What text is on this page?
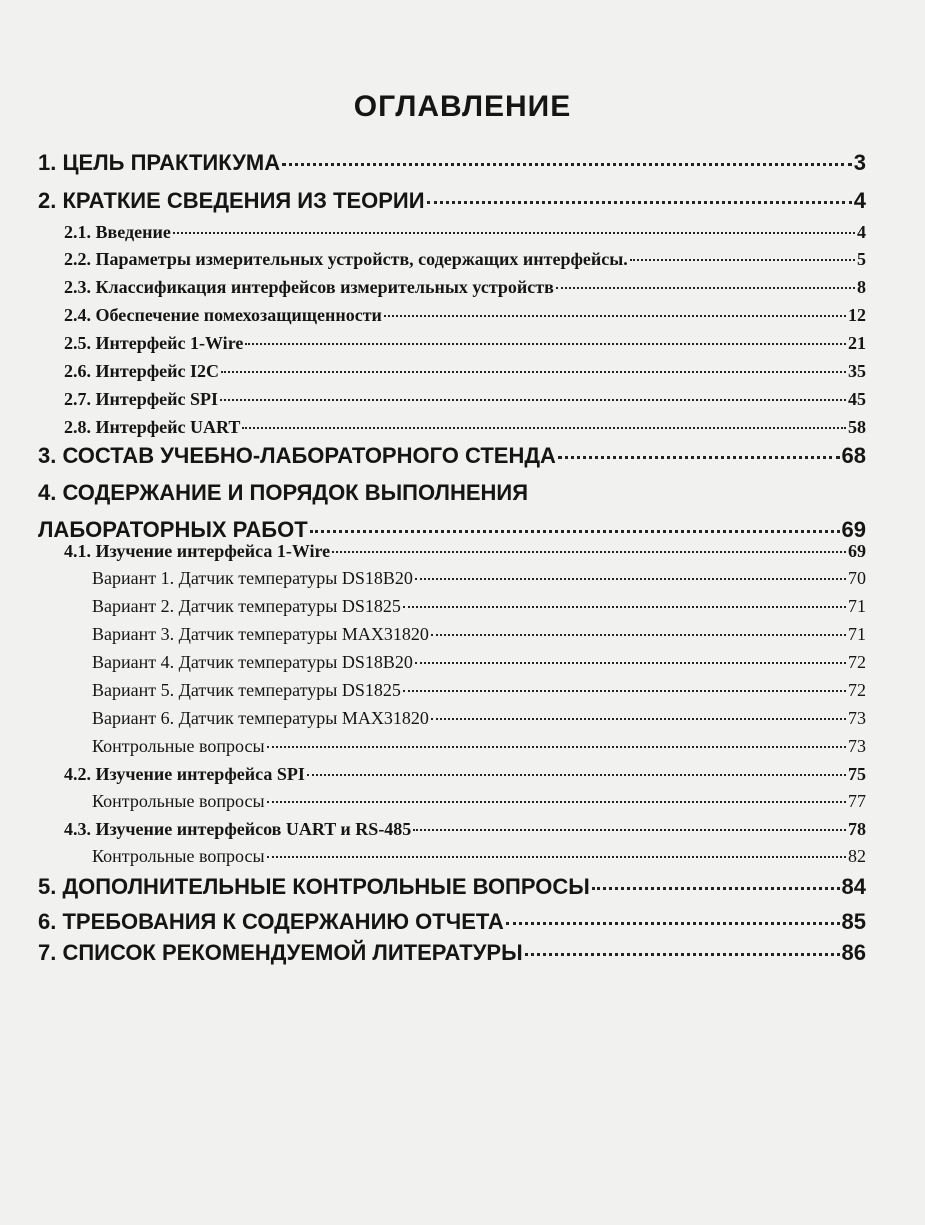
ОГЛАВЛЕНИЕ
1. ЦЕЛЬ ПРАКТИКУМА	3
2. КРАТКИЕ СВЕДЕНИЯ ИЗ ТЕОРИИ	4
2.1. Введение	4
2.2. Параметры измерительных устройств, содержащих интерфейсы.	5
2.3. Классификация интерфейсов измерительных устройств	8
2.4. Обеспечение помехозащищенности	12
2.5. Интерфейс 1-Wire	21
2.6. Интерфейс I2C	35
2.7. Интерфейс SPI	45
2.8. Интерфейс UART	58
3. СОСТАВ УЧЕБНО-ЛАБОРАТОРНОГО СТЕНДА	68
4. СОДЕРЖАНИЕ И ПОРЯДОК ВЫПОЛНЕНИЯ
ЛАБОРАТОРНЫХ РАБОТ	69
4.1. Изучение интерфейса 1-Wire	69
Вариант 1. Датчик температуры DS18B20	70
Вариант 2. Датчик температуры DS1825	71
Вариант 3. Датчик температуры MAX31820	71
Вариант 4. Датчик температуры DS18B20	72
Вариант 5. Датчик температуры DS1825	72
Вариант 6. Датчик температуры MAX31820	73
Контрольные вопросы	73
4.2. Изучение интерфейса SPI	75
Контрольные вопросы	77
4.3. Изучение интерфейсов UART и RS-485	78
Контрольные вопросы	82
5. ДОПОЛНИТЕЛЬНЫЕ КОНТРОЛЬНЫЕ ВОПРОСЫ	84
6. ТРЕБОВАНИЯ К СОДЕРЖАНИЮ ОТЧЕТА	85
7. СПИСОК РЕКОМЕНДУЕМОЙ ЛИТЕРАТУРЫ	86
